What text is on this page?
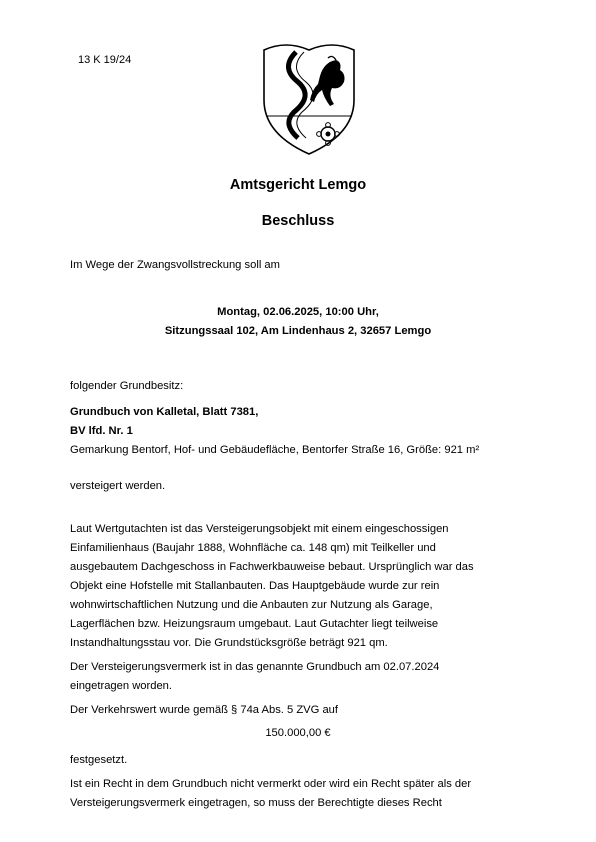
13 K 19/24
Amtsgericht Lemgo
Beschluss
Im Wege der Zwangsvollstreckung soll am
Montag, 02.06.2025, 10:00 Uhr,
Sitzungssaal 102, Am Lindenhaus 2, 32657 Lemgo
folgender Grundbesitz:
Grundbuch von Kalletal, Blatt 7381,
BV lfd. Nr. 1
Gemarkung Bentorf, Hof- und Gebäudefläche, Bentorfer Straße 16, Größe: 921 m²
versteigert werden.
Laut Wertgutachten ist das Versteigerungsobjekt mit einem eingeschossigen
Einfamilienhaus (Baujahr 1888, Wohnfläche ca. 148 qm) mit Teilkeller und
ausgebautem Dachgeschoss in Fachwerkbauweise bebaut. Ursprünglich war das
Objekt eine Hofstelle mit Stallanbauten. Das Hauptgebäude wurde zur rein
wohnwirtschaftlichen Nutzung und die Anbauten zur Nutzung als Garage,
Lagerflächen bzw. Heizungsraum umgebaut. Laut Gutachter liegt teilweise
Instandhaltungsstau vor. Die Grundstücksgröße beträgt 921 qm.
Der Versteigerungsvermerk ist in das genannte Grundbuch am 02.07.2024
eingetragen worden.
Der Verkehrswert wurde gemäß § 74a Abs. 5 ZVG auf
150.000,00 €
festgesetzt.
Ist ein Recht in dem Grundbuch nicht vermerkt oder wird ein Recht später als der
Versteigerungsvermerk eingetragen, so muss der Berechtigte dieses Recht
